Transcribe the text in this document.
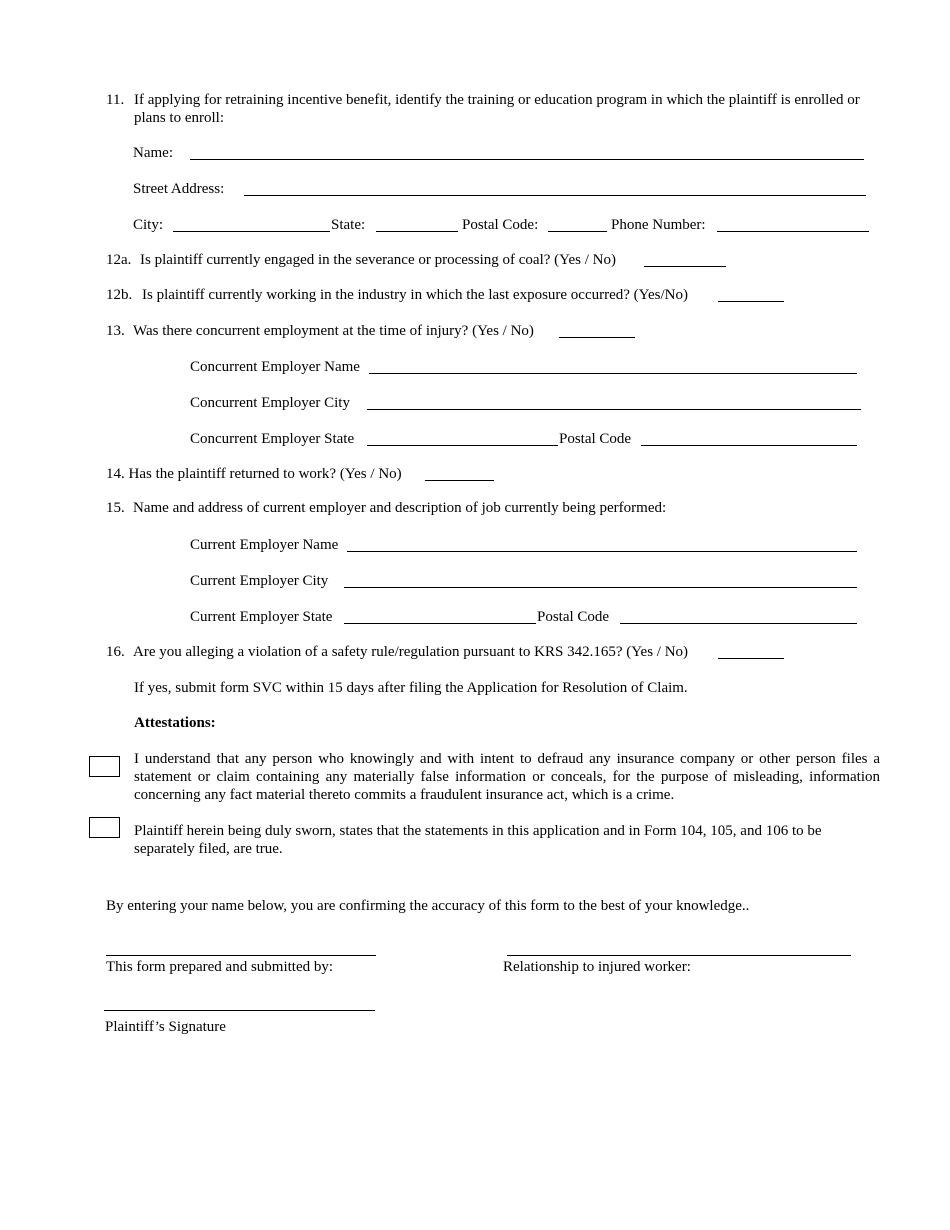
11. If applying for retraining incentive benefit, identify the training or education program in which the plaintiff is enrolled or plans to enroll:
Name:
Street Address:
City:	State:	Postal Code:	Phone Number:
12a. Is plaintiff currently engaged in the severance or processing of coal? (Yes / No)
12b. Is plaintiff currently working in the industry in which the last exposure occurred? (Yes/No)
13. Was there concurrent employment at the time of injury? (Yes / No)
Concurrent Employer Name
Concurrent Employer City
Concurrent Employer State	Postal Code
14. Has the plaintiff returned to work? (Yes / No)
15. Name and address of current employer and description of job currently being performed:
Current Employer Name
Current Employer City
Current Employer State	Postal Code
16. Are you alleging a violation of a safety rule/regulation pursuant to KRS 342.165? (Yes / No)
If yes, submit form SVC within 15 days after filing the Application for Resolution of Claim.
Attestations:
I understand that any person who knowingly and with intent to defraud any insurance company or other person files a statement or claim containing any materially false information or conceals, for the purpose of misleading, information concerning any fact material thereto commits a fraudulent insurance act, which is a crime.
Plaintiff herein being duly sworn, states that the statements in this application and in Form 104, 105, and 106 to be separately filed, are true.
By entering your name below, you are confirming the accuracy of this form to the best of your knowledge..
This form prepared and submitted by:	Relationship to injured worker:
Plaintiff’s Signature
